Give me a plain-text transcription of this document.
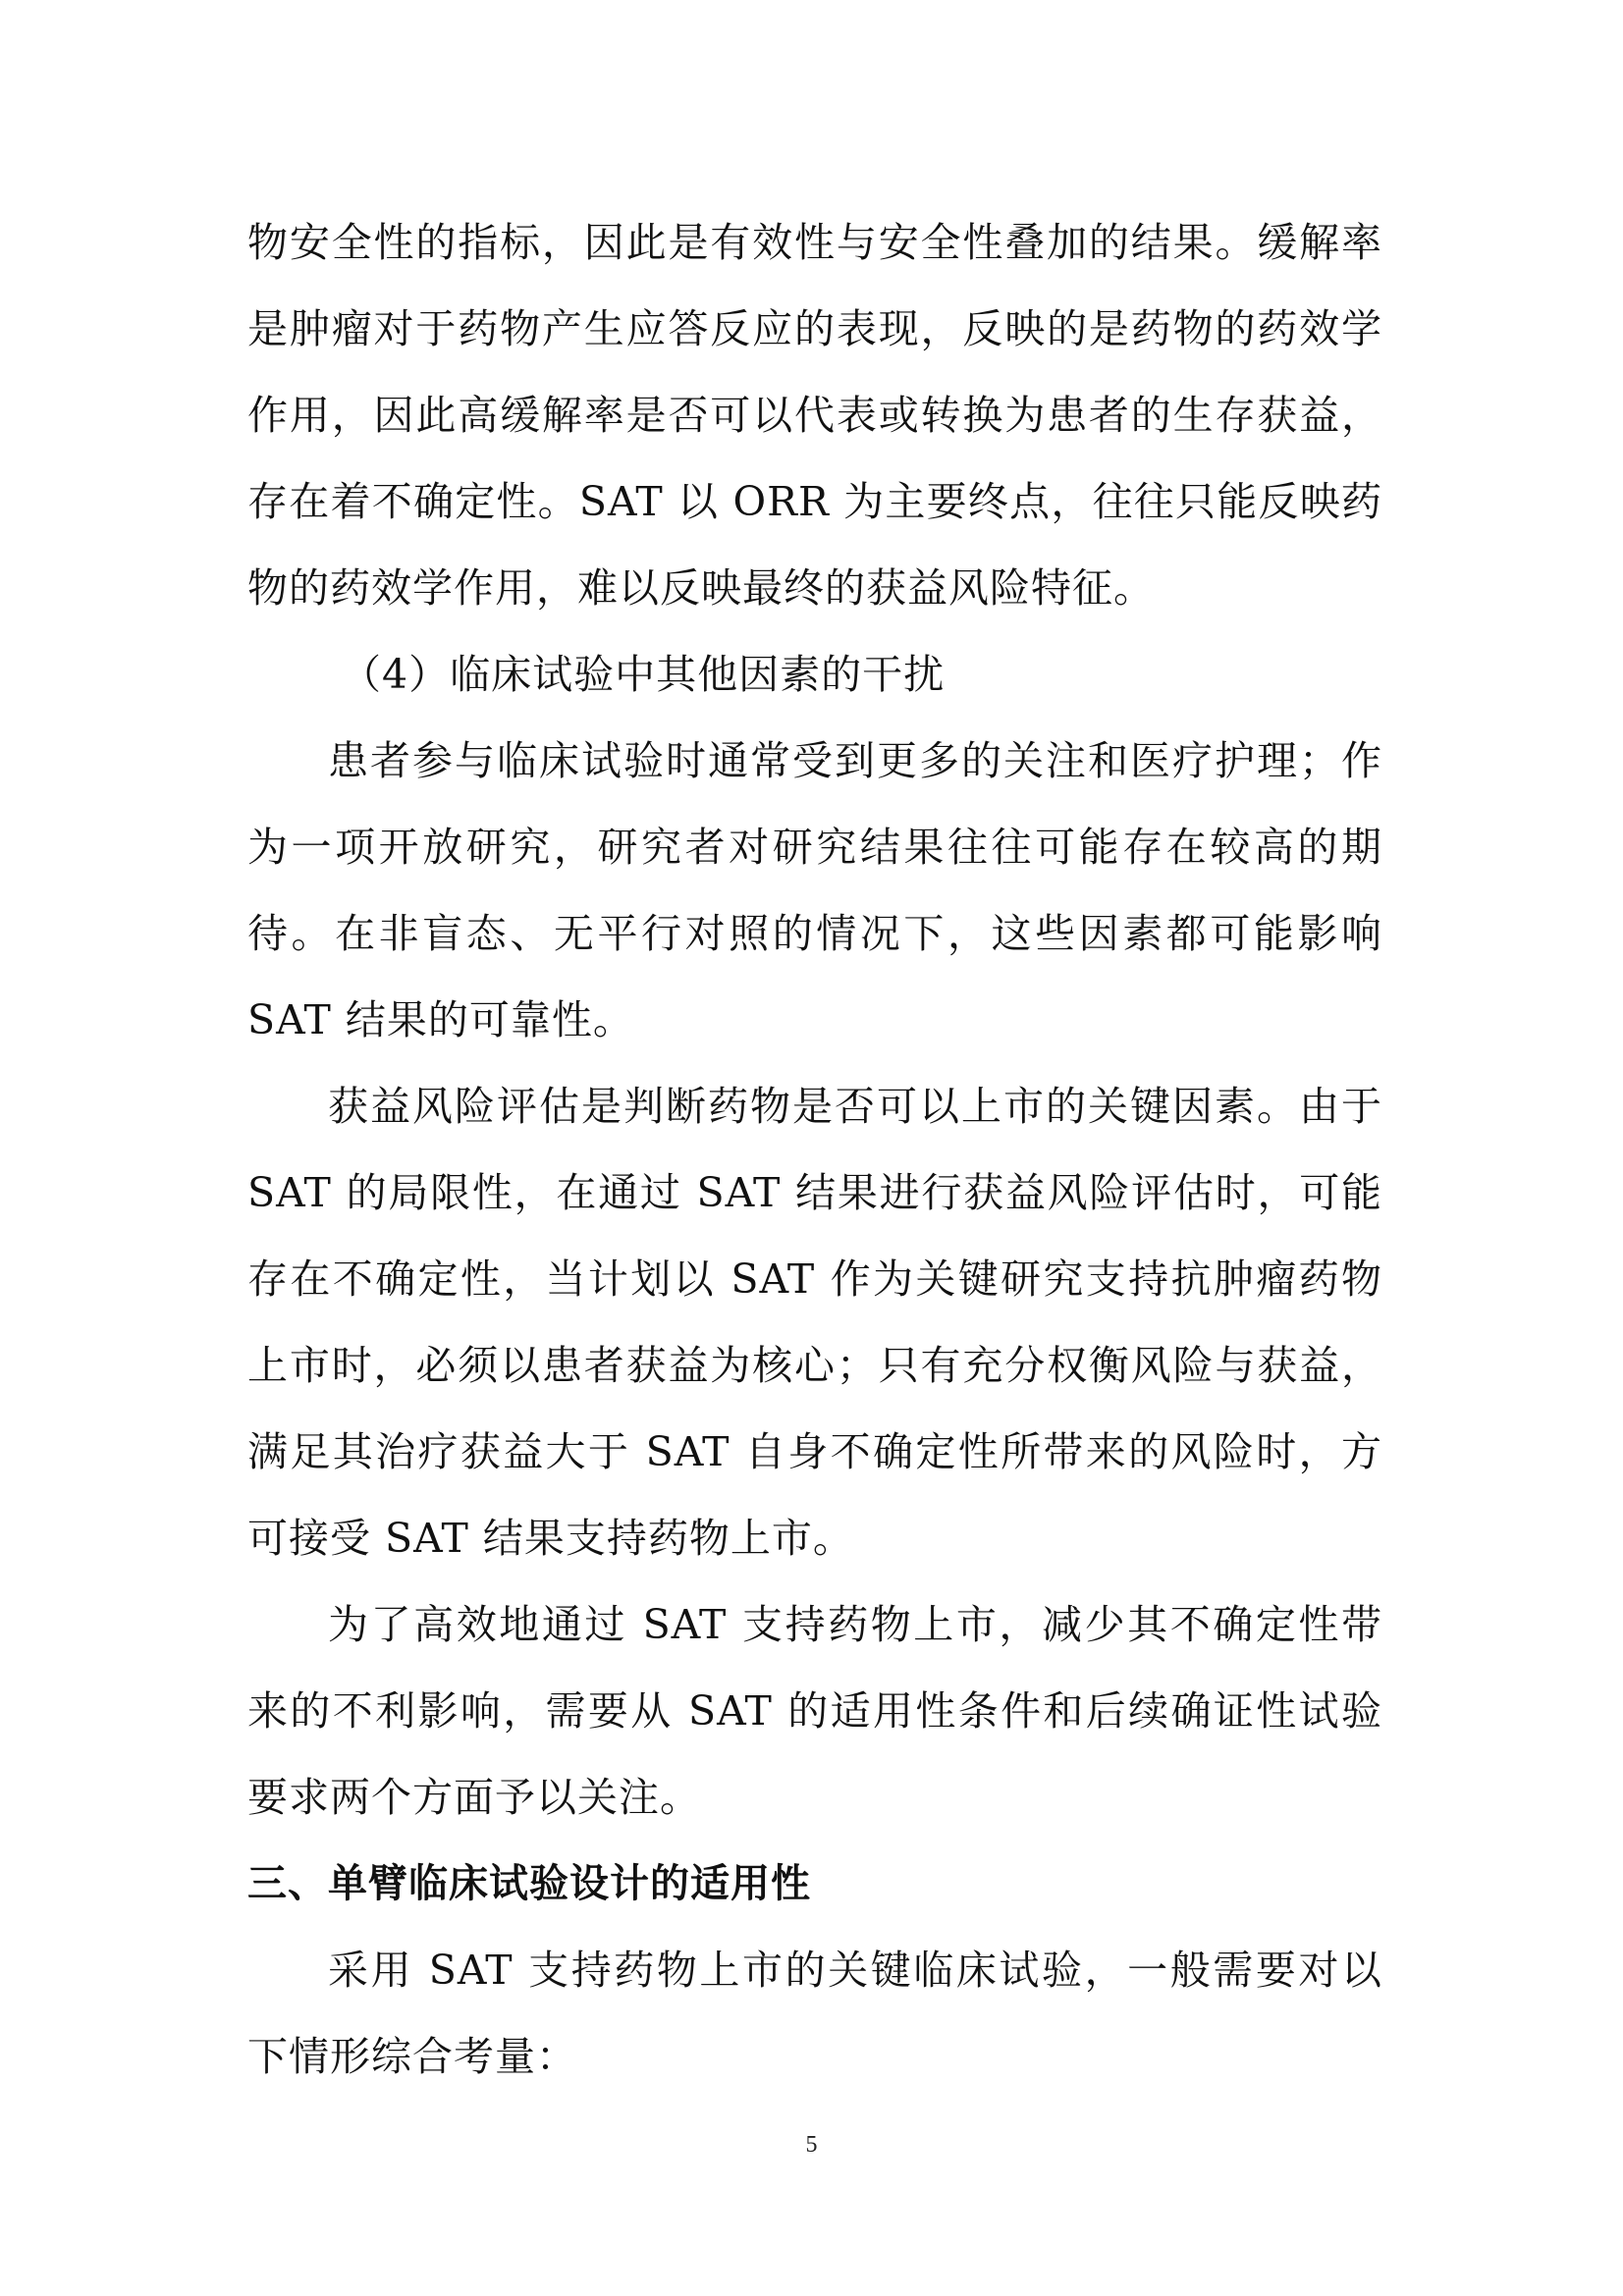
物安全性的指标，因此是有效性与安全性叠加的结果。缓解率是肿瘤对于药物产生应答反应的表现，反映的是药物的药效学作用，因此高缓解率是否可以代表或转换为患者的生存获益，存在着不确定性。SAT 以 ORR 为主要终点，往往只能反映药物的药效学作用，难以反映最终的获益风险特征。

（4）临床试验中其他因素的干扰

患者参与临床试验时通常受到更多的关注和医疗护理；作为一项开放研究，研究者对研究结果往往可能存在较高的期待。在非盲态、无平行对照的情况下，这些因素都可能影响 SAT 结果的可靠性。

获益风险评估是判断药物是否可以上市的关键因素。由于 SAT 的局限性，在通过 SAT 结果进行获益风险评估时，可能存在不确定性，当计划以 SAT 作为关键研究支持抗肿瘤药物上市时，必须以患者获益为核心；只有充分权衡风险与获益，满足其治疗获益大于 SAT 自身不确定性所带来的风险时，方可接受 SAT 结果支持药物上市。

为了高效地通过 SAT 支持药物上市，减少其不确定性带来的不利影响，需要从 SAT 的适用性条件和后续确证性试验要求两个方面予以关注。

三、单臂临床试验设计的适用性

采用 SAT 支持药物上市的关键临床试验，一般需要对以下情形综合考量：

5
